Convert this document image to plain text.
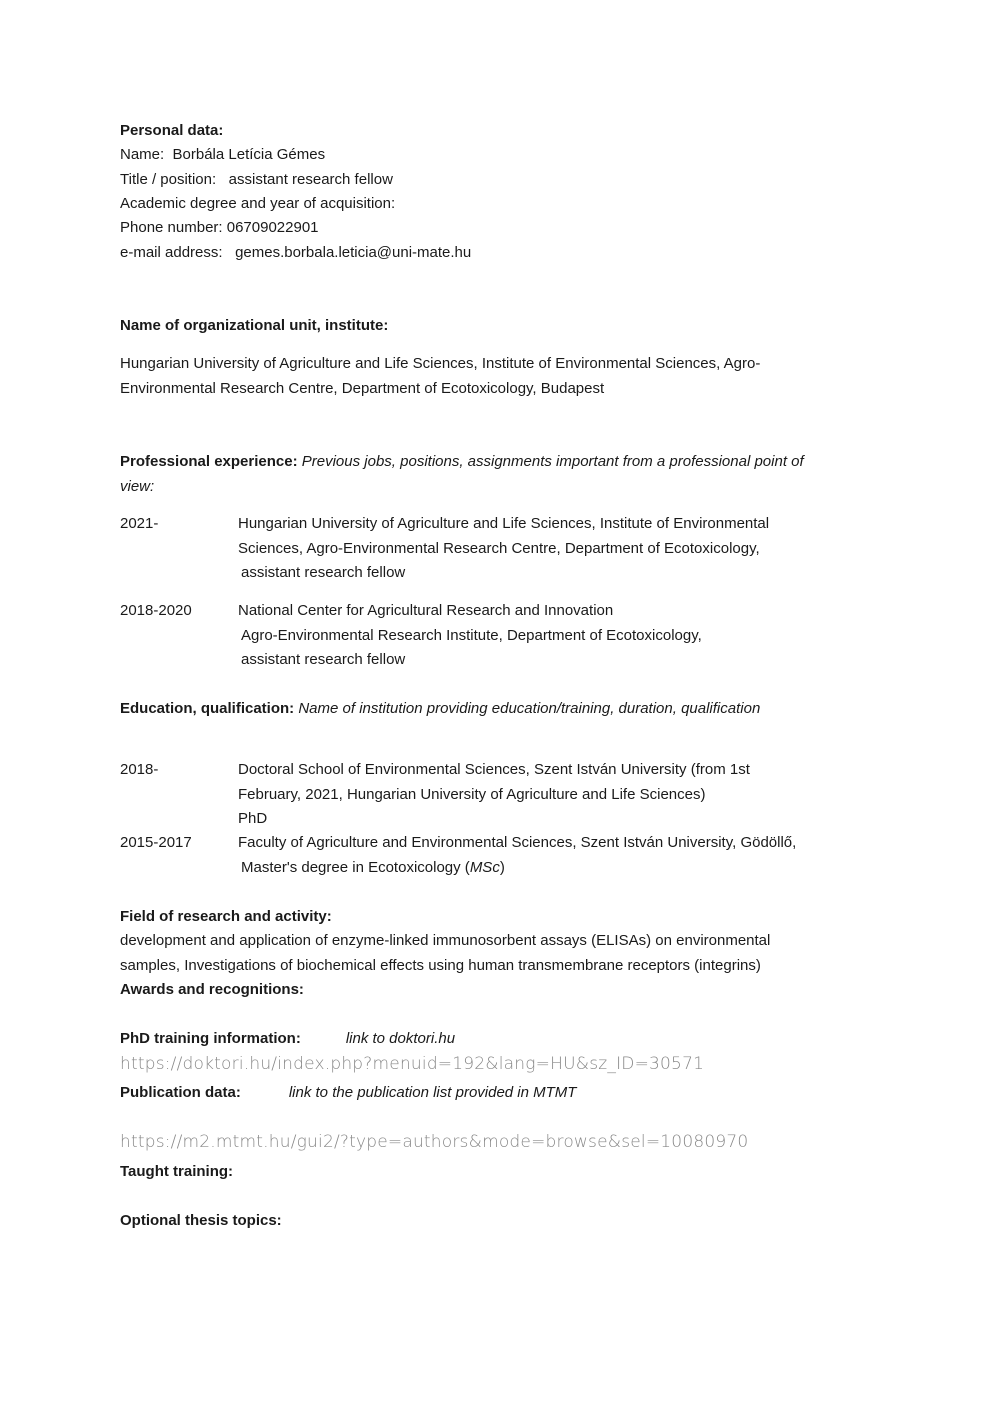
Personal data:
Name: Borbála Letícia Gémes
Title / position: assistant research fellow
Academic degree and year of acquisition:
Phone number: 06709022901
e-mail address: gemes.borbala.leticia@uni-mate.hu
Name of organizational unit, institute:
Hungarian University of Agriculture and Life Sciences, Institute of Environmental Sciences, Agro-
Environmental Research Centre, Department of Ecotoxicology, Budapest
Professional experience: Previous jobs, positions, assignments important from a professional point of
view:
2021-	Hungarian University of Agriculture and Life Sciences, Institute of Environmental
Sciences, Agro-Environmental Research Centre, Department of Ecotoxicology,
assistant research fellow
2018-2020	National Center for Agricultural Research and Innovation
Agro-Environmental Research Institute, Department of Ecotoxicology,
assistant research fellow
Education, qualification: Name of institution providing education/training, duration, qualification
2018-	Doctoral School of Environmental Sciences, Szent István University (from 1st
February, 2021, Hungarian University of Agriculture and Life Sciences)
PhD
2015-2017	Faculty of Agriculture and Environmental Sciences, Szent István University, Gödöllő,
Master's degree in Ecotoxicology (MSc)
Field of research and activity:
development and application of enzyme-linked immunosorbent assays (ELISAs) on environmental
samples, Investigations of biochemical effects using human transmembrane receptors (integrins)
Awards and recognitions:
PhD training information:	link to doktori.hu
https://doktori.hu/index.php?menuid=192&lang=HU&sz_ID=30571
Publication data:	link to the publication list provided in MTMT
https://m2.mtmt.hu/gui2/?type=authors&mode=browse&sel=10080970
Taught training:
Optional thesis topics:
